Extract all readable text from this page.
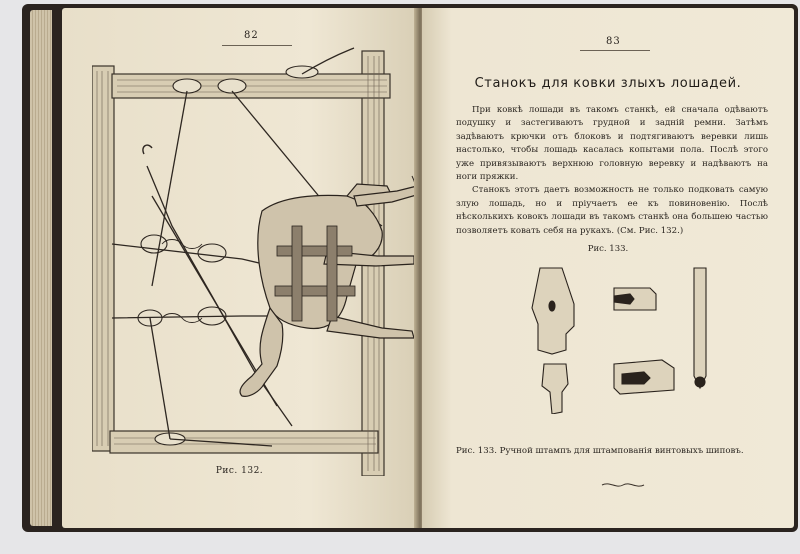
82
Рис. 132.
83
Станокъ для ковки злыхъ лошадей.

При ковкѣ лошади въ такомъ станкѣ, ей сначала одѣваютъ подушку и застегиваютъ грудной и задній ремни. Затѣмъ задѣваютъ крючки отъ блоковъ и подтягиваютъ веревки лишь настолько, чтобы лошадь касалась копытами пола. Послѣ этого уже привязываютъ верхнюю головную веревку и надѣваютъ на ноги пряжки.

Станокъ этотъ даетъ возможность не только подковать самую злую лошадь, но и пріучаетъ ее къ повиновенію. Послѣ нѣсколькихъ ковокъ лошади въ такомъ станкѣ она большею частью позволяетъ ковать себя на рукахъ. (См. Рис. 132.)

Рис. 133.
Рис. 133. Ручной штампъ для штампованія винтовыхъ шиповъ.
